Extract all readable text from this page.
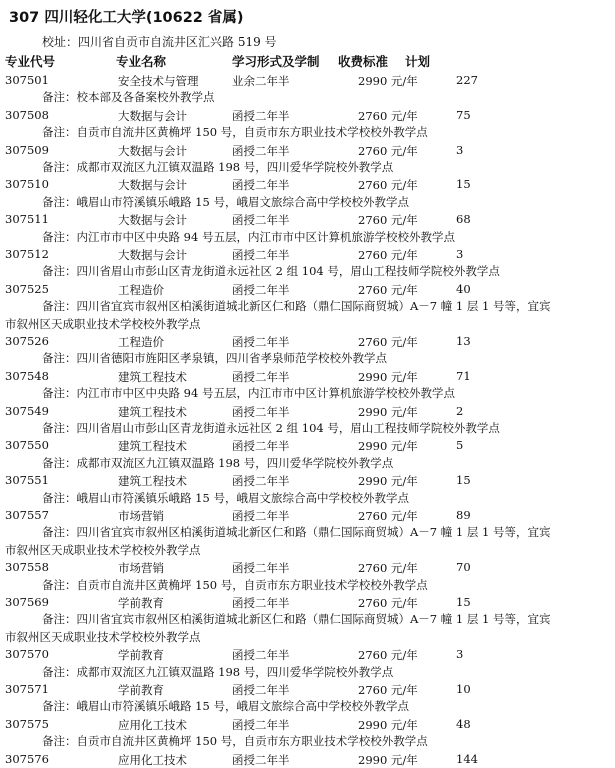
307 四川轻化工大学(10622 省属)
校址：四川省自贡市自流井区汇兴路 519 号
专业代号	专业名称	学习形式及学制 收费标准 计划
307501	安全技术与管理	业余二年半	2990 元/年	227
备注：校本部及各备案校外教学点
307508	大数据与会计	函授二年半	2760 元/年	75
备注：自贡市自流井区黄桷坪 150 号，自贡市东方职业技术学校校外教学点
307509	大数据与会计	函授二年半	2760 元/年	3
备注：成都市双流区九江镇双温路 198 号，四川爱华学院校外教学点
307510	大数据与会计	函授二年半	2760 元/年	15
备注：峨眉山市符溪镇乐峨路 15 号，峨眉文旅综合高中学校校外教学点
307511	大数据与会计	函授二年半	2760 元/年	68
备注：内江市市中区中央路 94 号五层，内江市市中区计算机旅游学校校外教学点
307512	大数据与会计	函授二年半	2760 元/年	3
备注：四川省眉山市彭山区青龙街道永远社区 2 组 104 号，眉山工程技师学院校外教学点
307525	工程造价	函授二年半	2760 元/年	40
备注：四川省宜宾市叙州区柏溪街道城北新区仁和路（鼎仁国际商贸城）A－7 幢 1 层 1 号等，宜宾
市叙州区天成职业技术学校校外教学点
307526	工程造价	函授二年半	2760 元/年	13
备注：四川省德阳市旌阳区孝泉镇，四川省孝泉师范学校校外教学点
307548	建筑工程技术	函授二年半	2990 元/年	71
备注：内江市市中区中央路 94 号五层，内江市市中区计算机旅游学校校外教学点
307549	建筑工程技术	函授二年半	2990 元/年	2
备注：四川省眉山市彭山区青龙街道永远社区 2 组 104 号，眉山工程技师学院校外教学点
307550	建筑工程技术	函授二年半	2990 元/年	5
备注：成都市双流区九江镇双温路 198 号，四川爱华学院校外教学点
307551	建筑工程技术	函授二年半	2990 元/年	15
备注：峨眉山市符溪镇乐峨路 15 号，峨眉文旅综合高中学校校外教学点
307557	市场营销	函授二年半	2760 元/年	89
备注：四川省宜宾市叙州区柏溪街道城北新区仁和路（鼎仁国际商贸城）A－7 幢 1 层 1 号等，宜宾
市叙州区天成职业技术学校校外教学点
307558	市场营销	函授二年半	2760 元/年	70
备注：自贡市自流井区黄桷坪 150 号，自贡市东方职业技术学校校外教学点
307569	学前教育	函授二年半	2760 元/年	15
备注：四川省宜宾市叙州区柏溪街道城北新区仁和路（鼎仁国际商贸城）A－7 幢 1 层 1 号等，宜宾
市叙州区天成职业技术学校校外教学点
307570	学前教育	函授二年半	2760 元/年	3
备注：成都市双流区九江镇双温路 198 号，四川爱华学院校外教学点
307571	学前教育	函授二年半	2760 元/年	10
备注：峨眉山市符溪镇乐峨路 15 号，峨眉文旅综合高中学校校外教学点
307575	应用化工技术	函授二年半	2990 元/年	48
备注：自贡市自流井区黄桷坪 150 号，自贡市东方职业技术学校校外教学点
307576	应用化工技术	函授二年半	2990 元/年	144
